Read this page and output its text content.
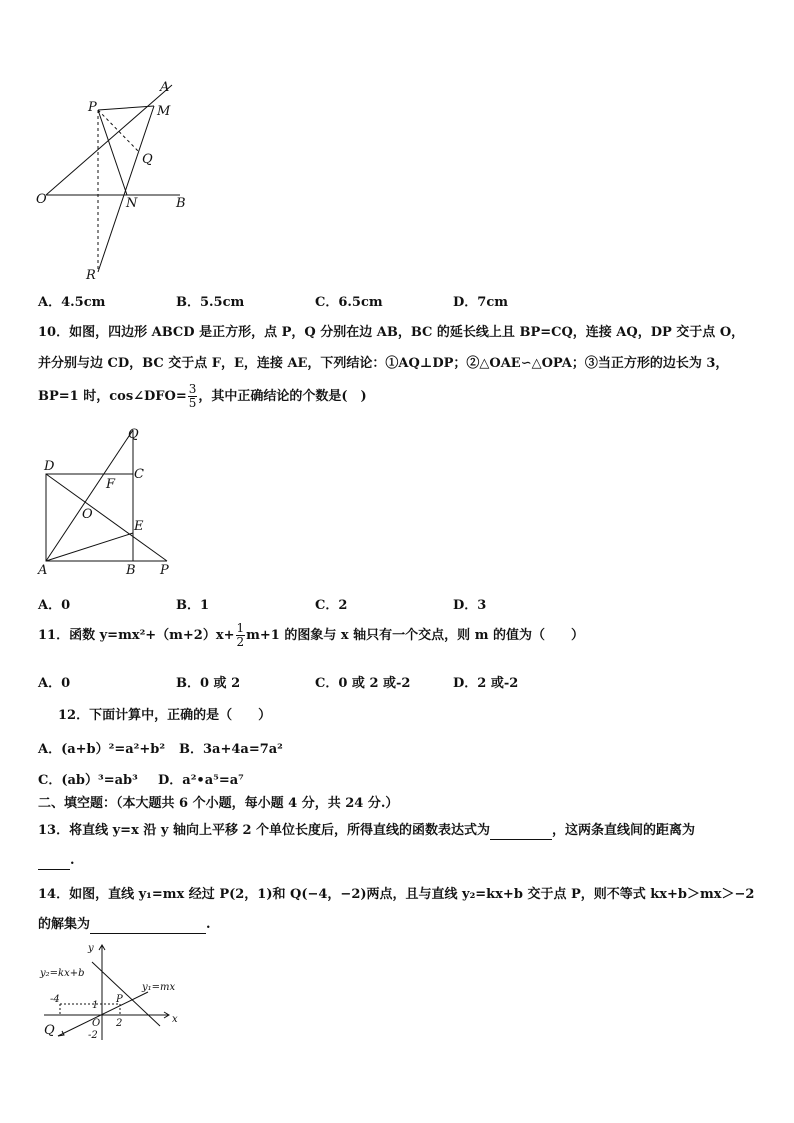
A
M
P
Q
O	N	B
R
A．4.5cm	B．5.5cm	C．6.5cm	D．7cm
10．如图，四边形 ABCD 是正方形，点 P，Q 分别在边 AB，BC 的延长线上且 BP=CQ，连接 AQ，DP 交于点 O，
并分别与边 CD，BC 交于点 F，E，连接 AE，下列结论：①AQ⊥DP；②△OAE∽△OPA；③当正方形的边长为 3，
BP=1 时，cos∠DFO= $\frac{3}{5}$ ，其中正确结论的个数是(　)
Q
D
C
F
O
E
A	B P
A．0	B．1	C．2	D．3
11．函数 $y=mx^2+(m+2)x+ \frac{1}{2} m+1$ 的图象与 x 轴只有一个交点，则 m 的值为（　　）
A．0	B．0 或 2	C．0 或 2 或-2	D．2 或-2
12．下面计算中，正确的是（　　）
A．(a+b）²=a²+b² B．3a+4a=7a²
C．(ab）³=ab³ D．a²•a⁵=a⁷
二、填空题：（本大题共 6 个小题，每小题 4 分，共 24 分.）
13．将直线 y=x 沿 y 轴向上平移 2 个单位长度后，所得直线的函数表达式为	，这两条直线间的距离为
.
14．如图，直线 y₁=mx 经过 P(2，1)和 Q(−4，−2)两点，且与直线 y₂=kx+b 交于点 P，则不等式 kx+b＞mx＞−2
的解集为	.
y
x
y₂=kx+b
y₁=mx
-4
1
P
O 2
Q	-2
